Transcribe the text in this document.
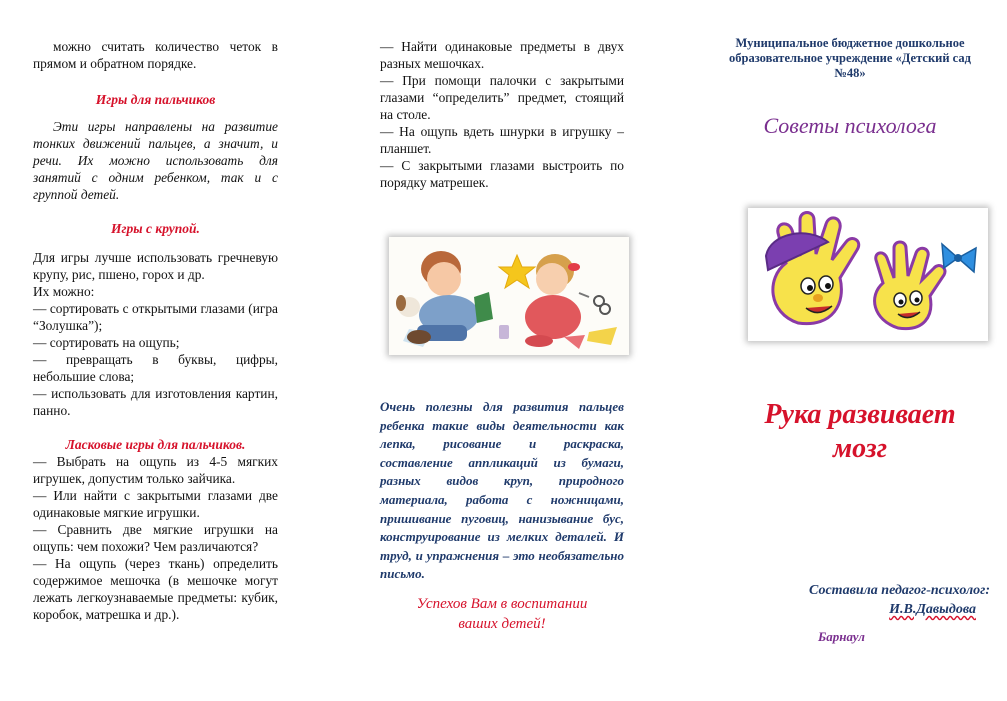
можно считать количество четок в прямом и обратном порядке.

Игры для пальчиков

Эти игры направлены на развитие тонких движений пальцев, а значит, и речи. Их можно использовать для занятий с одним ребенком, так и с группой детей.

Игры с крупой.

Для игры лучше использовать гречневую крупу, рис, пшено, горох и др.

Их можно:

— сортировать с открытыми глазами (игра “Золушка”);

— сортировать на ощупь;

— превращать в буквы, цифры, небольшие слова;

— использовать для изготовления картин, панно.

Ласковые игры для пальчиков.

— Выбрать на ощупь из 4-5 мягких игрушек, допустим только зайчика.

— Или найти с закрытыми глазами две одинаковые мягкие игрушки.

— Сравнить две мягкие игрушки на ощупь: чем похожи? Чем различаются?

— На ощупь (через ткань) определить содержимое мешочка (в мешочке могут лежать легкоузнаваемые предметы: кубик, коробок, матрешка и др.).

— Найти одинаковые предметы в двух разных мешочках.

— При помощи палочки с закрытыми глазами “определить” предмет, стоящий на столе.

— На ощупь вдеть шнурки в игрушку – планшет.

— С закрытыми глазами выстроить по порядку матрешек.

Очень полезны для развития пальцев ребенка такие виды деятельности как лепка, рисование и раскраска, составление аппликаций из бумаги, разных видов круп, природного материала, работа с ножницами, пришивание пуговиц, нанизывание бус, конструирование из мелких деталей. И труд, и упражнения – это необязательно письмо.

Успехов Вам в воспитании

ваших детей!

Муниципальное бюджетное дошкольное образовательное учреждение «Детский сад №48»

Советы психолога

Рука развивает

мозг

Составила педагог-психолог:

И.В.Давыдова

Барнаул
